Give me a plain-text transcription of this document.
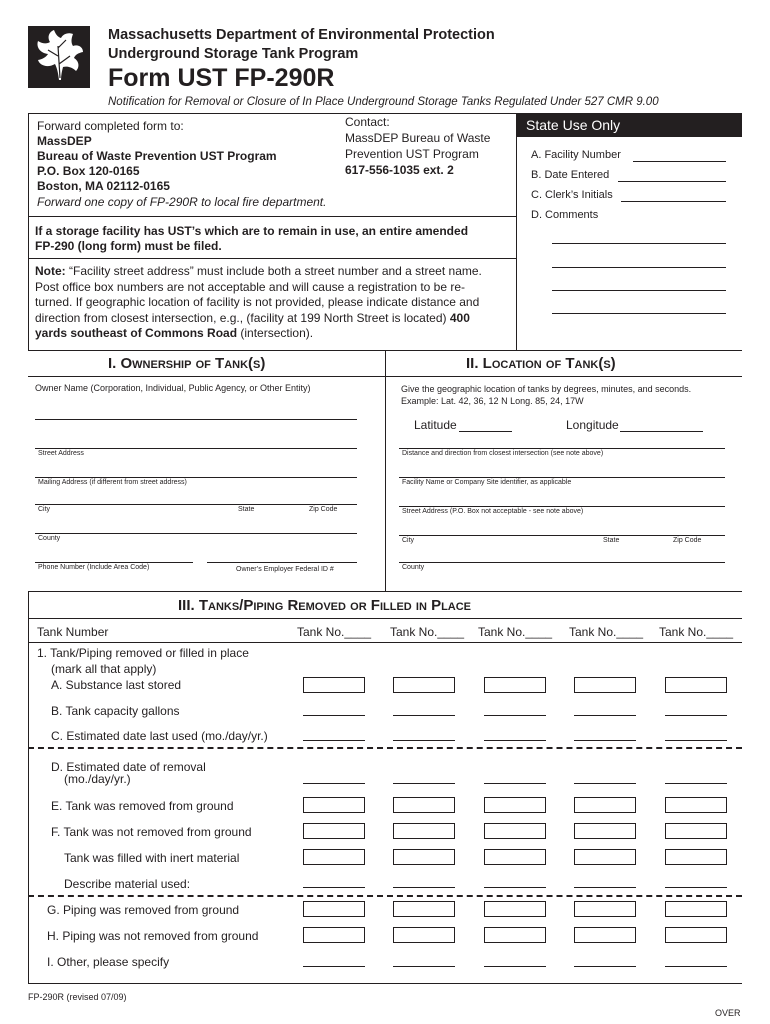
Massachusetts Department of Environmental Protection
Underground Storage Tank Program
Form UST FP-290R
Notification for Removal or Closure of In Place Underground Storage Tanks Regulated Under 527 CMR 9.00
Forward completed form to:
MassDEP
Bureau of Waste Prevention UST Program
P.O. Box 120-0165
Boston, MA 02112-0165
Forward one copy of FP-290R to local fire department.
Contact:
MassDEP Bureau of Waste
Prevention UST Program
617-556-1035 ext. 2
State Use Only
A. Facility Number
B. Date Entered
C. Clerk’s Initials
D. Comments
If a storage facility has UST’s which are to remain in use, an entire amended
FP-290 (long form) must be filed.
Note: “Facility street address” must include both a street number and a street name.
Post office box numbers are not acceptable and will cause a registration to be re-
turned. If geographic location of facility is not provided, please indicate distance and
direction from closest intersection, e.g., (facility at 199 North Street is located) 400
yards southeast of Commons Road (intersection).
I. Ownership of Tank(s)	II. Location of Tank(s)
Owner Name (Corporation, Individual, Public Agency, or Other Entity)
Street Address
Mailing Address (if different from street address)
City	State	Zip Code
County
Phone Number (Include Area Code)	Owner’s Employer Federal ID #
Give the geographic location of tanks by degrees, minutes, and seconds.
Example: Lat. 42, 36, 12 N Long. 85, 24, 17W
Latitude	Longitude
Distance and direction from closest intersection (see note above)
Facility Name or Company Site identifier, as applicable
Street Address (P.O. Box not acceptable - see note above)
City	State	Zip Code
County
III. Tanks/Piping Removed or Filled in Place
Tank Number	Tank No.____ Tank No.____ Tank No.____ Tank No.____ Tank No.____
1. Tank/Piping removed or filled in place
(mark all that apply)
A. Substance last stored
B. Tank capacity gallons
C. Estimated date last used (mo./day/yr.)
D. Estimated date of removal
(mo./day/yr.)
E. Tank was removed from ground
F. Tank was not removed from ground
Tank was filled with inert material
Describe material used:
G. Piping was removed from ground
H. Piping was not removed from ground
I. Other, please specify
FP-290R (revised 07/09)
OVER
